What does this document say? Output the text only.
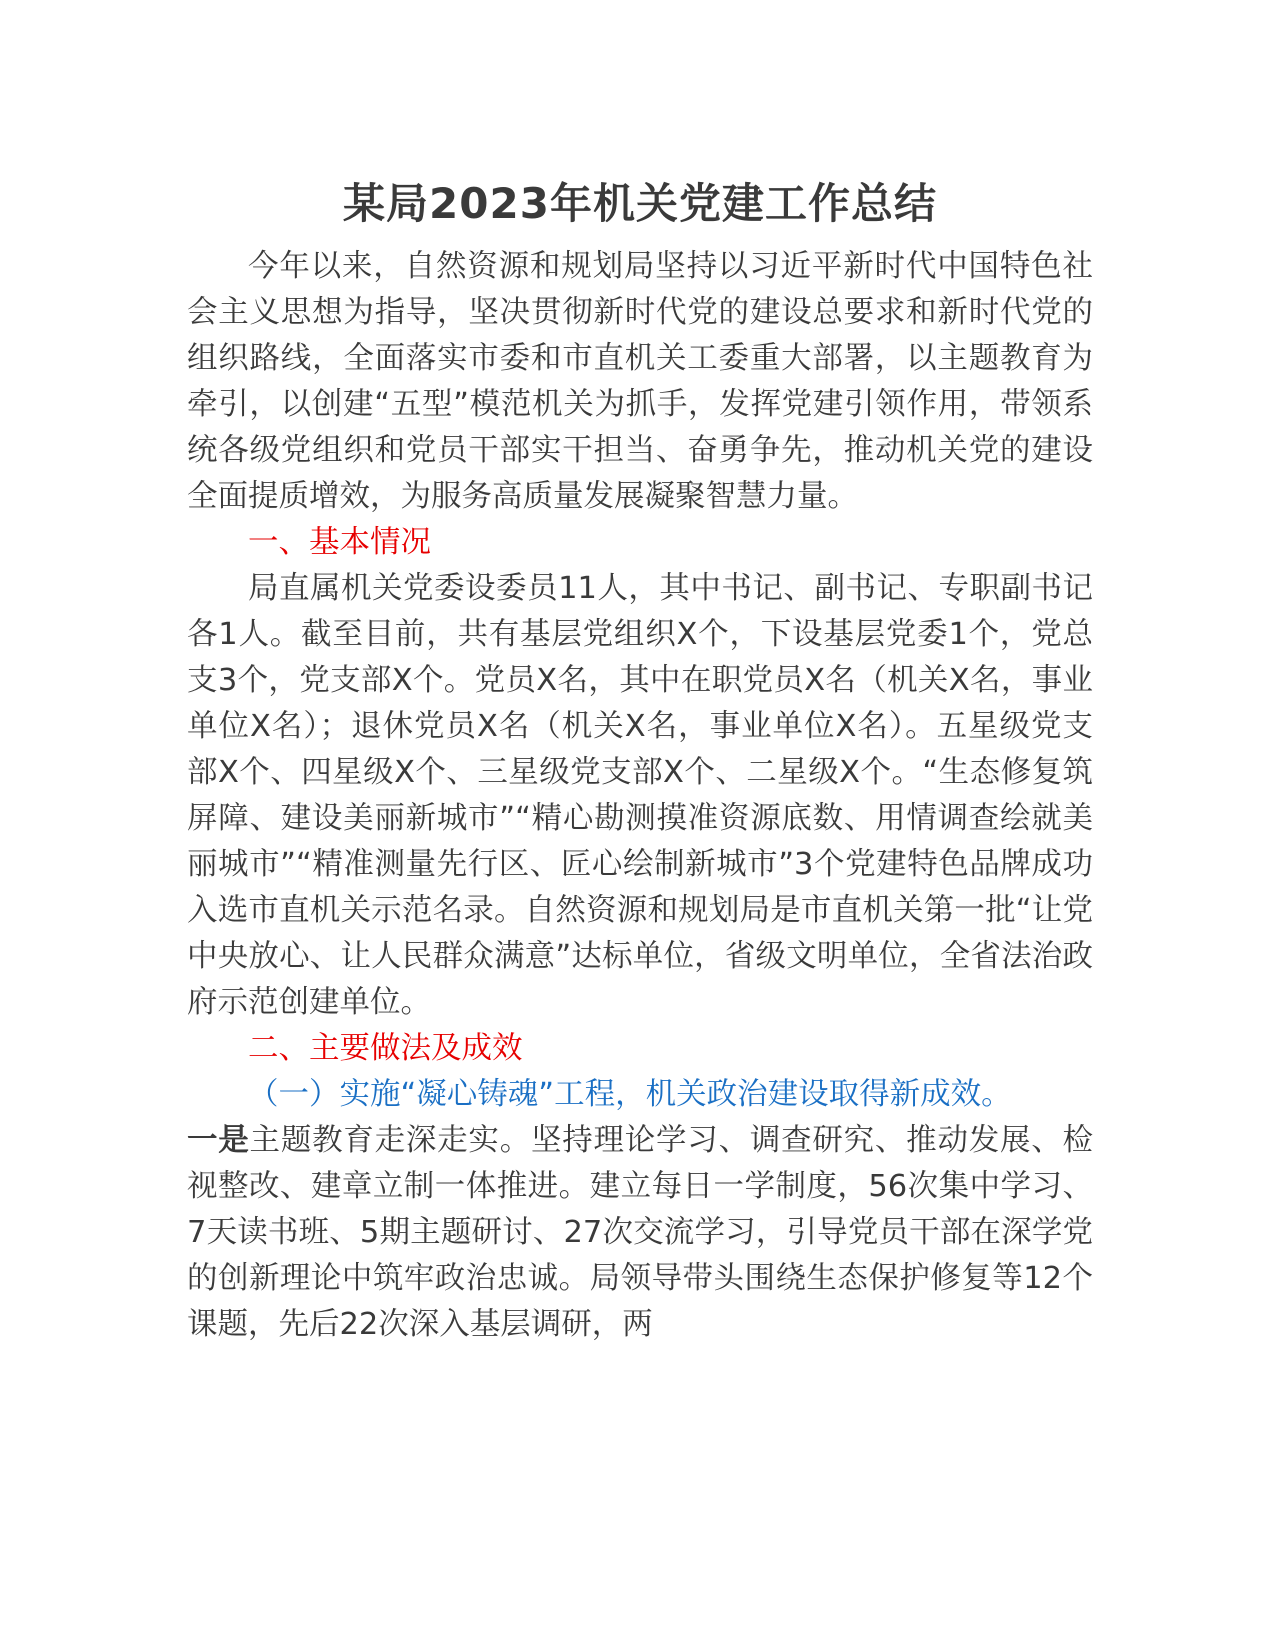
某局2023年机关党建工作总结

今年以来，自然资源和规划局坚持以习近平新时代中国特色社会主义思想为指导，坚决贯彻新时代党的建设总要求和新时代党的组织路线，全面落实市委和市直机关工委重大部署，以主题教育为牵引，以创建“五型”模范机关为抓手，发挥党建引领作用，带领系统各级党组织和党员干部实干担当、奋勇争先，推动机关党的建设全面提质增效，为服务高质量发展凝聚智慧力量。

一、基本情况

局直属机关党委设委员11人，其中书记、副书记、专职副书记各1人。截至目前，共有基层党组织X个，下设基层党委1个，党总支3个，党支部X个。党员X名，其中在职党员X名（机关X名，事业单位X名）；退休党员X名（机关X名，事业单位X名）。五星级党支部X个、四星级X个、三星级党支部X个、二星级X个。“生态修复筑屏障、建设美丽新城市”“精心勘测摸准资源底数、用情调查绘就美丽城市”“精准测量先行区、匠心绘制新城市”3个党建特色品牌成功入选市直机关示范名录。自然资源和规划局是市直机关第一批“让党中央放心、让人民群众满意”达标单位，省级文明单位，全省法治政府示范创建单位。

二、主要做法及成效

（一）实施“凝心铸魂”工程，机关政治建设取得新成效。

一是主题教育走深走实。坚持理论学习、调查研究、推动发展、检视整改、建章立制一体推进。建立每日一学制度，56次集中学习、7天读书班、5期主题研讨、27次交流学习，引导党员干部在深学党的创新理论中筑牢政治忠诚。局领导带头围绕生态保护修复等12个课题，先后22次深入基层调研，两
